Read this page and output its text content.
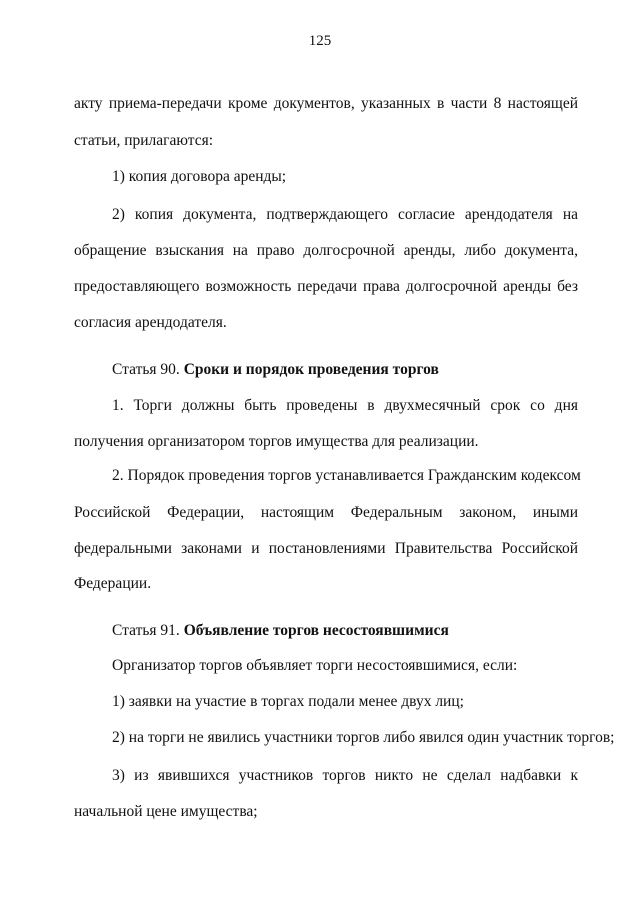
125
акту приема-передачи кроме документов, указанных в части 8 настоящей
статьи, прилагаются:
1) копия договора аренды;
2) копия документа, подтверждающего согласие арендодателя на
обращение взыскания на право долгосрочной аренды, либо документа,
предоставляющего возможность передачи права долгосрочной аренды без
согласия арендодателя.
Статья 90. Сроки и порядок проведения торгов
1. Торги должны быть проведены в двухмесячный срок со дня
получения организатором торгов имущества для реализации.
2. Порядок проведения торгов устанавливается Гражданским кодексом
Российской Федерации, настоящим Федеральным законом, иными
федеральными законами и постановлениями Правительства Российской
Федерации.
Статья 91. Объявление торгов несостоявшимися
Организатор торгов объявляет торги несостоявшимися, если:
1) заявки на участие в торгах подали менее двух лиц;
2) на торги не явились участники торгов либо явился один участник торгов;
3) из явившихся участников торгов никто не сделал надбавки к
начальной цене имущества;
